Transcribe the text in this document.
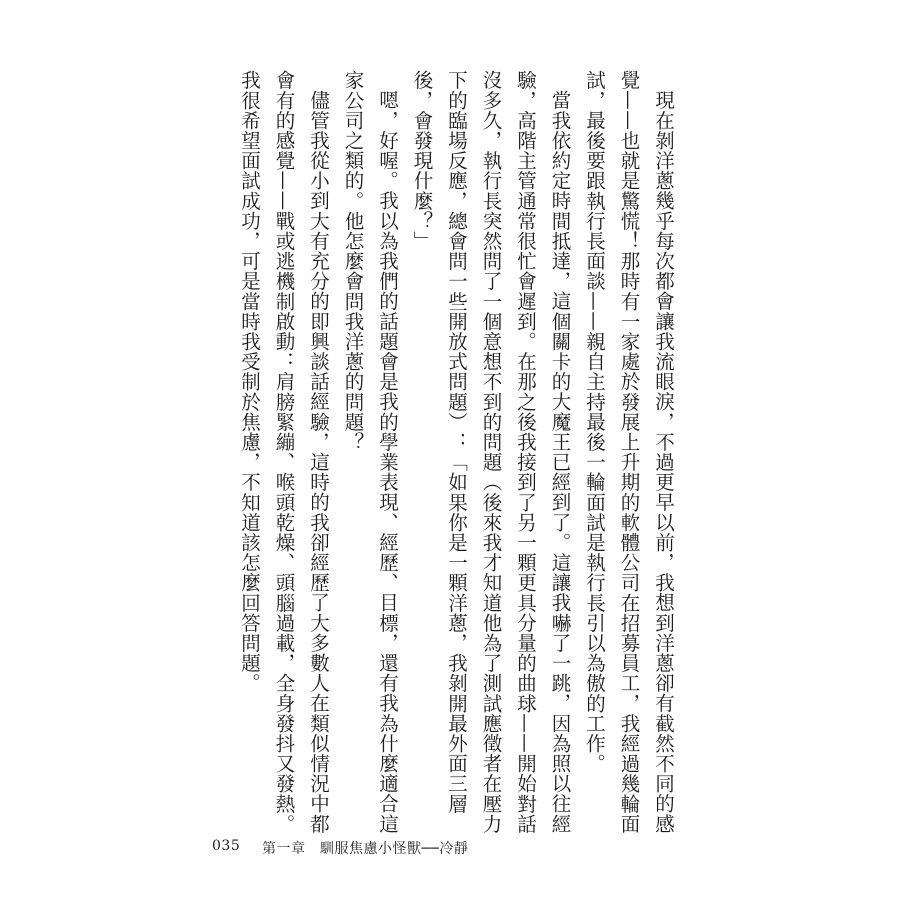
現在剝洋蔥幾乎每次都會讓我流眼淚，不過更早以前，我想到洋蔥卻有截然不同的感覺——也就是驚慌！那時有一家處於發展上升期的軟體公司在招募員工，我經過幾輪面試，最後要跟執行長面談——親自主持最後一輪面試是執行長引以為傲的工作。

當我依約定時間抵達，這個關卡的大魔王已經到了。這讓我嚇了一跳，因為照以往經驗，高階主管通常很忙會遲到。在那之後我接到了另一顆更具分量的曲球——開始對話沒多久，執行長突然問了一個意想不到的問題（後來我才知道他為了測試應徵者在壓力下的臨場反應，總會問一些開放式問題）：「如果你是一顆洋蔥，我剝開最外面三層後，會發現什麼？」

嗯，好喔。我以為我們的話題會是我的學業表現、經歷、目標，還有我為什麼適合這家公司之類的。他怎麼會問我洋蔥的問題？

儘管我從小到大有充分的即興談話經驗，這時的我卻經歷了大多數人在類似情況中都會有的感覺——戰或逃機制啟動：肩膀緊繃、喉頭乾燥、頭腦過載，全身發抖又發熱。我很希望面試成功，可是當時我受制於焦慮，不知道該怎麼回答問題。

035 第一章　馴服焦慮小怪獸──冷靜
